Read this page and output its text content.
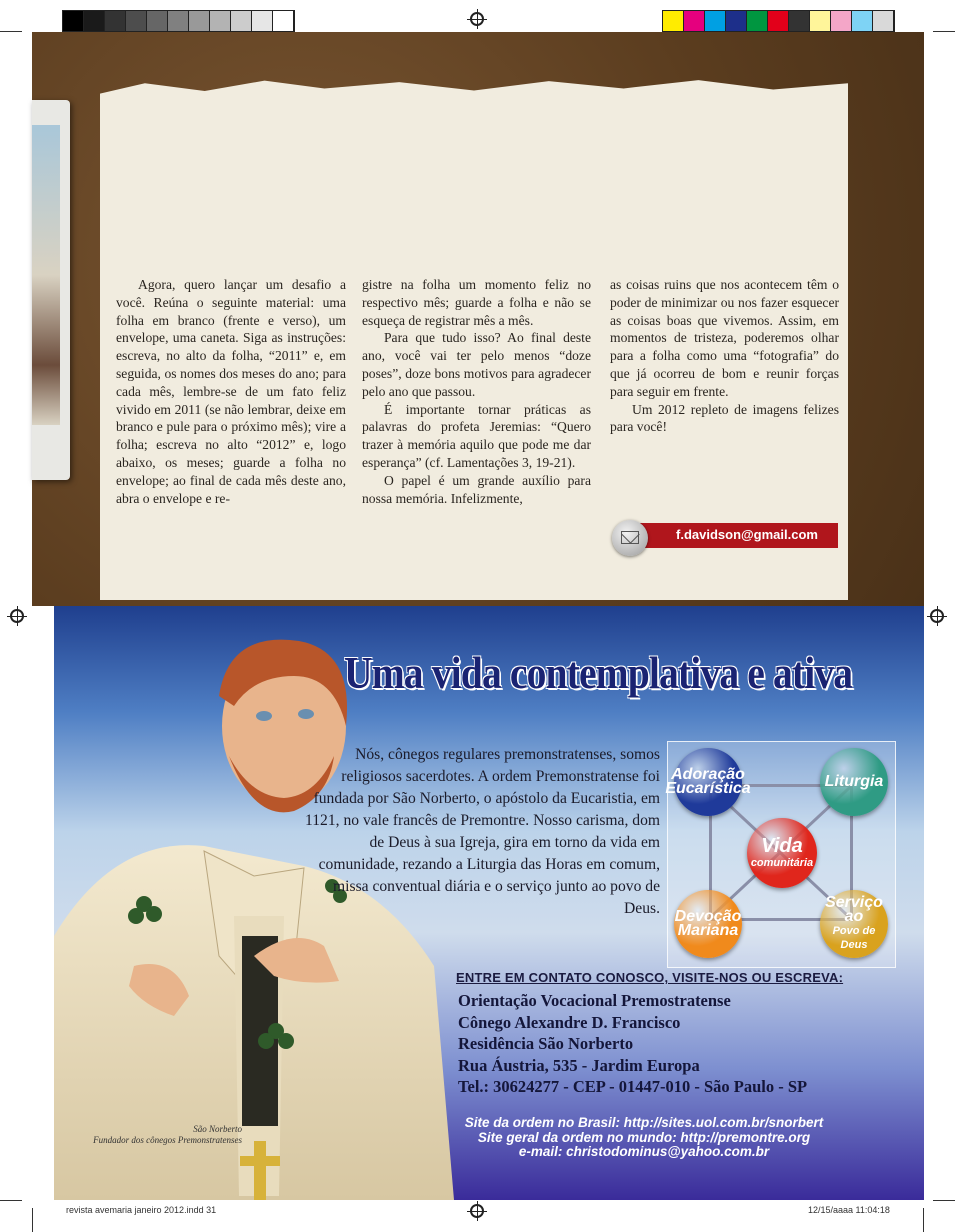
Agora, quero lançar um desafio a você. Reúna o seguinte material: uma folha em branco (frente e verso), um envelope, uma caneta. Siga as instruções: escreva, no alto da folha, “2011” e, em seguida, os nomes dos meses do ano; para cada mês, lembre-se de um fato feliz vivido em 2011 (se não lembrar, deixe em branco e pule para o próximo mês); vire a folha; escreva no alto “2012” e, logo abaixo, os meses; guarde a folha no envelope; ao final de cada mês deste ano, abra o envelope e re-

gistre na folha um momento feliz no respectivo mês; guarde a folha e não se esqueça de registrar mês a mês.

Para que tudo isso? Ao final deste ano, você vai ter pelo menos “doze poses”, doze bons motivos para agradecer pelo ano que passou.

É importante tornar práticas as palavras do profeta Jeremias: “Quero trazer à memória aquilo que pode me dar esperança” (cf. Lamentações 3, 19-21).

O papel é um grande auxílio para nossa memória. Infelizmente,

as coisas ruins que nos acontecem têm o poder de minimizar ou nos fazer esquecer as coisas boas que vivemos. Assim, em momentos de tristeza, poderemos olhar para a folha como uma “fotografia” do que já ocorreu de bom e reunir forças para seguir em frente.

Um 2012 repleto de imagens felizes para você!

f.davidson@gmail.com
São Norberto
Fundador dos cônegos Premonstratenses
Uma vida contemplativa e ativa
Nós, cônegos regulares premonstratenses, somos religiosos sacerdotes. A ordem Premonstratense foi fundada por São Norberto, o apóstolo da Eucaristia, em 1121, no vale francês de Premontre. Nosso carisma, dom de Deus à sua Igreja, gira em torno da vida em comunidade, rezando a Liturgia das Horas em comum, missa conventual diária e o serviço junto ao povo de Deus.
Adoração
Eucarística	Liturgia
Vida
comunitária
Devoção
Mariana
Serviço ao
Povo de Deus
ENTRE EM CONTATO CONOSCO, VISITE-NOS OU ESCREVA:
Orientação Vocacional Premostratense
Cônego Alexandre D. Francisco
Residência São Norberto
Rua Áustria, 535 - Jardim Europa
Tel.: 30624277 - CEP - 01447-010 - São Paulo - SP
Site da ordem no Brasil: http://sites.uol.com.br/snorbert
Site geral da ordem no mundo: http://premontre.org
e-mail: christodominus@yahoo.com.br
revista avemaria janeiro 2012.indd 31	12/15/aaaa 11:04:18
